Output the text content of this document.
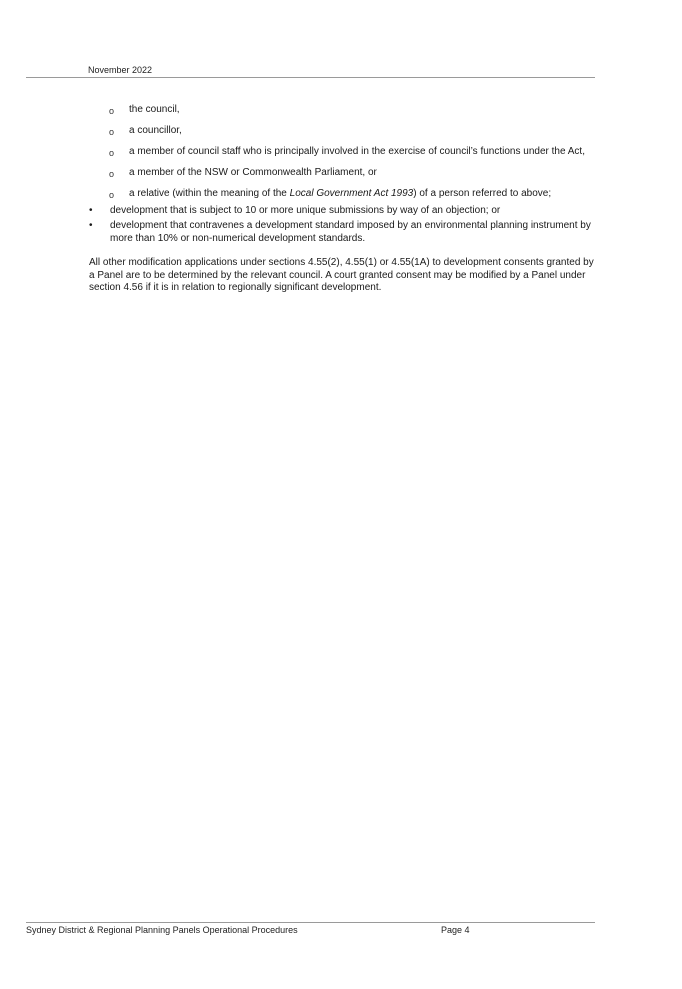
November 2022
o the council,
o a councillor,
o a member of council staff who is principally involved in the exercise of council’s functions under the Act,
o a member of the NSW or Commonwealth Parliament, or
o a relative (within the meaning of the Local Government Act 1993) of a person referred to above;
• development that is subject to 10 or more unique submissions by way of an objection; or
• development that contravenes a development standard imposed by an environmental planning instrument by more than 10% or non-numerical development standards.

All other modification applications under sections 4.55(2), 4.55(1) or 4.55(1A) to development consents granted by a Panel are to be determined by the relevant council. A court granted consent may be modified by a Panel under section 4.56 if it is in relation to regionally significant development.

Sydney District & Regional Planning Panels Operational Procedures	Page 4
